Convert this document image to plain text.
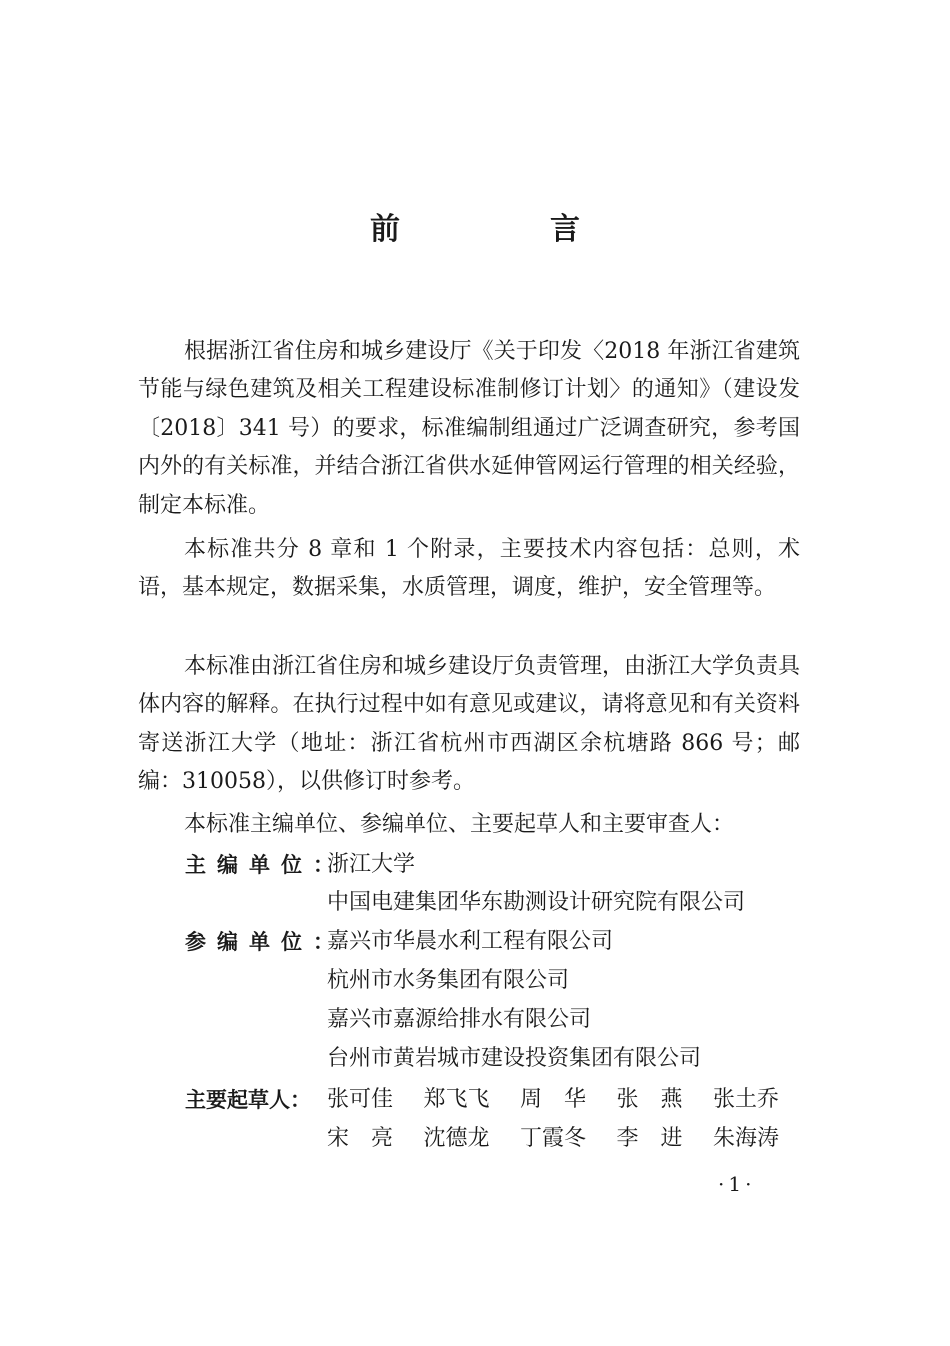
前　言

根据浙江省住房和城乡建设厅《关于印发〈2018 年浙江省建筑节能与绿色建筑及相关工程建设标准制修订计划〉的通知》（建设发〔2018〕341 号）的要求，标准编制组通过广泛调查研究，参考国内外的有关标准，并结合浙江省供水延伸管网运行管理的相关经验，制定本标准。

本标准共分 8 章和 1 个附录，主要技术内容包括：总则，术语，基本规定，数据采集，水质管理，调度，维护，安全管理等。

本标准由浙江省住房和城乡建设厅负责管理，由浙江大学负责具体内容的解释。在执行过程中如有意见或建议，请将意见和有关资料寄送浙江大学（地址：浙江省杭州市西湖区余杭塘路 866 号；邮编：310058），以供修订时参考。

本标准主编单位、参编单位、主要起草人和主要审查人：

主编单位：
浙江大学
中国电建集团华东勘测设计研究院有限公司
参编单位：
嘉兴市华晨水利工程有限公司
杭州市水务集团有限公司
嘉兴市嘉源给排水有限公司
台州市黄岩城市建设投资集团有限公司
主要起草人： 张可佳 郑飞飞 周　华 张　燕 张土乔
宋　亮 沈德龙 丁霞冬 李　进 朱海涛
·1·
